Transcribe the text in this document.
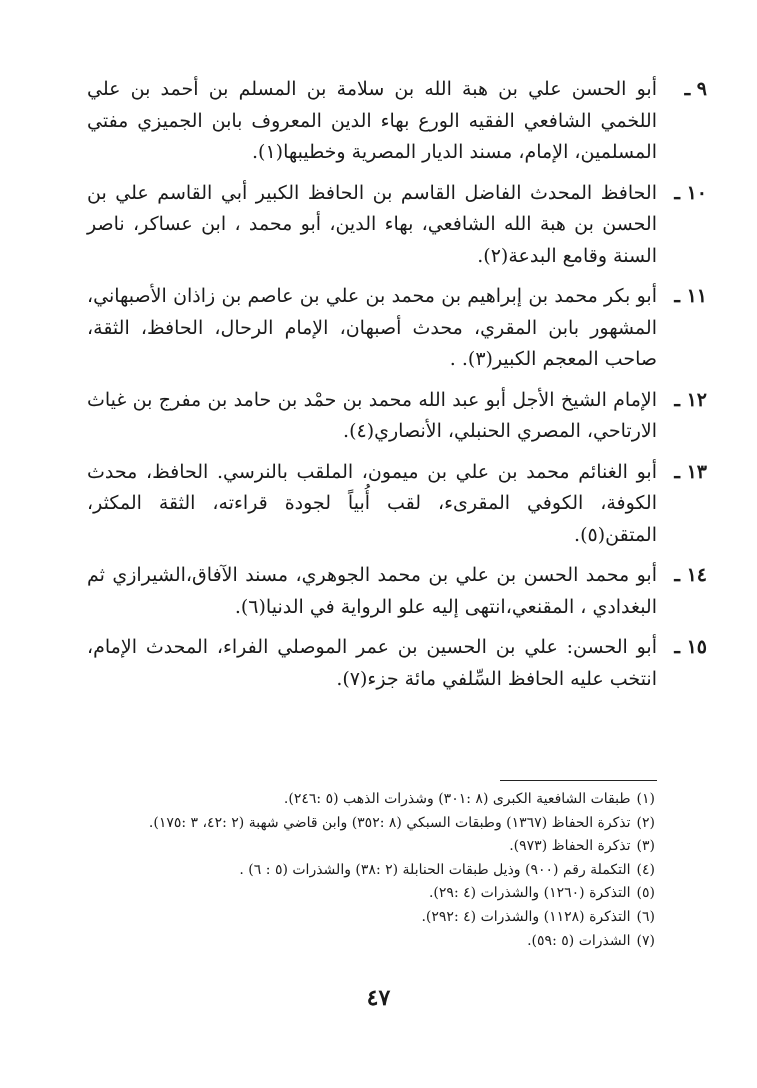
٩ ـ
أبو الحسن علي بن هبة الله بن سلامة بن المسلم بن أحمد بن علي اللخمي الشافعي الفقيه الورع بهاء الدين المعروف بابن الجميزي مفتي المسلمين، الإمام، مسند الديار المصرية وخطيبها(١).
١٠ ـ
الحافظ المحدث الفاضل القاسم بن الحافظ الكبير أبي القاسم علي بن الحسن بن هبة الله الشافعي، بهاء الدين، أبو محمد ، ابن عساكر، ناصر السنة وقامع البدعة(٢).
١١ ـ
أبو بكر محمد بن إبراهيم بن محمد بن علي بن عاصم بن زاذان الأصبهاني، المشهور بابن المقري، محدث أصبهان، الإمام الرحال، الحافظ، الثقة، صاحب المعجم الكبير(٣). .
١٢ ـ
الإمام الشيخ الأجل أبو عبد الله محمد بن حمْد بن حامد بن مفرج بن غياث الارتاحي، المصري الحنبلي، الأنصاري(٤).
١٣ ـ
أبو الغنائم محمد بن علي بن ميمون، الملقب بالنرسي. الحافظ، محدث الكوفة، الكوفي المقرىء، لقب أُبياً لجودة قراءته، الثقة المكثر، المتقن(٥).
١٤ ـ
أبو محمد الحسن بن علي بن محمد الجوهري، مسند الآفاق،الشيرازي ثم البغدادي ، المقنعي،انتهى إليه علو الرواية في الدنيا(٦).
١٥ ـ
أبو الحسن: علي بن الحسين بن عمر الموصلي الفراء، المحدث الإمام، انتخب عليه الحافظ السِّلفي مائة جزء(٧).
(١)طبقات الشافعية الكبرى (٨ :٣٠١) وشذرات الذهب (٥ :٢٤٦).
(٢)تذكرة الحفاظ (١٣٦٧) وطبقات السبكي (٨ :٣٥٢) وابن قاضي شهبة (٢ :٤٢، ٣ :١٧٥).
(٣)تذكرة الحفاظ (٩٧٣).
(٤)التكملة رقم (٩٠٠) وذيل طبقات الحنابلة (٢ :٣٨) والشذرات (٥ : ٦) .
(٥)التذكرة (١٢٦٠) والشذرات (٤ :٢٩).
(٦)التذكرة (١١٢٨) والشذرات (٤ :٢٩٢).
(٧)الشذرات (٥ :٥٩).
٤٧
